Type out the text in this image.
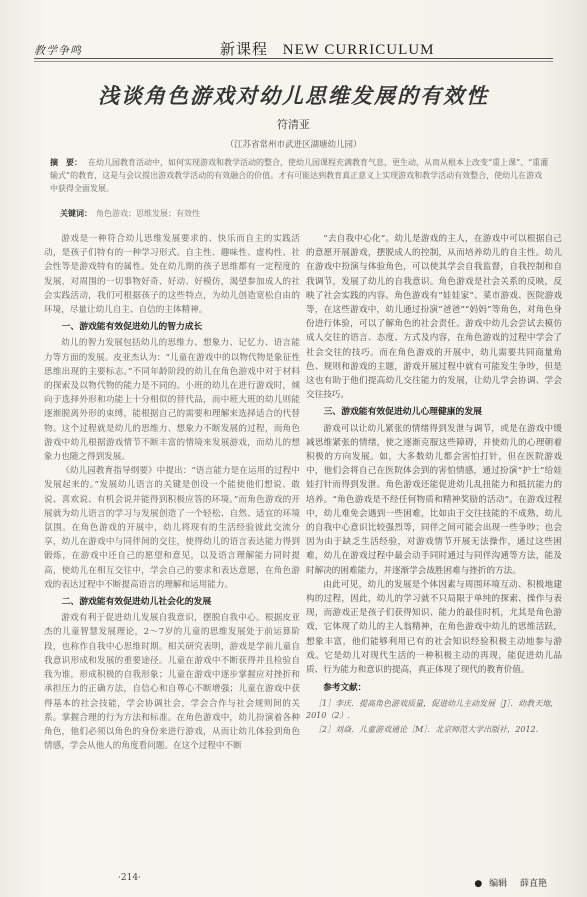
教学争鸣	新课程 NEW CURRICULUM
浅谈角色游戏对幼儿思维发展的有效性
符清亚
（江苏省常州市武进区湖塘幼儿园）
摘　要： 在幼儿园教育活动中，如何实现游戏和教学活动的整合，使幼儿园课程充满教育气息，更生动，从而从根本上改变“重上课”、“重灌输式”的教育，这是与会议提出游戏教学活动的有效融合的价值。才有可能达到教育真正意义上实现游戏和教学活动有效整合，使幼儿在游戏中获得全面发展。
关键词： 角色游戏；思维发展；有效性

游戏是一种符合幼儿思维发展要求的、快乐而自主的实践活动，是孩子们特有的一种学习形式。自主性、趣味性、虚构性、社会性等是游戏特有的属性。处在幼儿期的孩子思维都有一定程度的发展，对周围的一切事物好奇、好动、好模仿，渴望参加成人的社会实践活动，我们可根据孩子的这些特点，为幼儿创造宽松自由的环境，尽量让幼儿自主、自信的主体精神。

一、游戏能有效促进幼儿的智力成长

幼儿的智力发展包括幼儿的思维力、想象力、记忆力、语言能力等方面的发展。皮亚杰认为：“儿童在游戏中的以物代物是象征性思维出现的主要标志。”不同年龄阶段的幼儿在角色游戏中对于材料的探索及以物代物的能力是不同的。小班的幼儿在进行游戏时，倾向于选择外形和功能上十分相似的替代品，而中班大班的幼儿则能逐渐脱离外形的束缚，能根据自己的需要和理解来选择适合的代替物。这个过程就是幼儿的思维力、想象力不断发展的过程，而角色游戏中幼儿根据游戏情节不断丰富的情境来发展游戏，而幼儿的想象力也随之得到发展。

《幼儿园教育指导纲要》中提出：“语言能力是在运用的过程中发展起来的。”发展幼儿语言的关键是创设一个能使他们想说、敢说、喜欢说、有机会说并能得到积极应答的环境。”而角色游戏的开展就为幼儿语言的学习与发展创造了一个轻松、自然、适宜的环境氛围。在角色游戏的开展中，幼儿将现有的生活经验彼此交流分享，幼儿在游戏中与同伴间的交往，使得幼儿的语言表达能力得到锻炼，在游戏中还自己的愿望和意见，以及语言理解能力同时提高，使幼儿在相互交往中，学会自己的要求和表达意愿，在角色游戏的表达过程中不断提高语言的理解和运用能力。

二、游戏能有效促进幼儿社会化的发展

游戏有利于促进幼儿发展自我意识，摆脱自我中心。根据皮亚杰的儿童智慧发展理论，2～7岁的儿童的思维发展处于前运算阶段，也称作自我中心思维时期。相关研究表明，游戏是学前儿童自我意识形成和发展的重要途径。儿童在游戏中不断获得并且检验自我为谁，形成积极的自我形象；儿童在游戏中逐步掌握应对挫折和承担压力的正确方法，自信心和自尊心不断增强；儿童在游戏中获得基本的社会技能，学会协调社会，学会合作与社会规则间的关系。掌握合理的行为方法和标准。在角色游戏中，幼儿扮演着各种角色，他们必须以角色的身份来进行游戏，从而让幼儿体验到角色情感，学会从他人的角度看问题。在这个过程中不断

“去自我中心化”。幼儿是游戏的主人，在游戏中可以根据自己的意愿开展游戏，摆脱成人的控制，从而培养幼儿的自主性。幼儿在游戏中扮演与体验角色，可以使其学会自我监督，自我控制和自我调节，发展了幼儿的自我意识。角色游戏是社会关系的反映，反映了社会实践的内容。角色游戏有“娃娃家”、菜市游戏、医院游戏等，在这些游戏中，幼儿通过扮演“爸爸”“妈妈”等角色，对角色身份进行体验，可以了解角色的社会责任。游戏中幼儿会尝试去模仿成人交往的语言、态度、方式及内容，在角色游戏的过程中学会了社会交往的技巧。而在角色游戏的开展中，幼儿需要共同商量角色、规则和游戏的主题，游戏开展过程中就有可能发生争吵，但是这也有助于他们提高幼儿交往能力的发展，让幼儿学会协调、学会交往技巧。

三、游戏能有效促进幼儿心理健康的发展

游戏可以让幼儿紧张的情绪得到发泄与调节，或是在游戏中缓减思维紧张的情绪，使之逐渐克服这些障碍，并使幼儿的心理朝着积极的方向发展。如，大多数幼儿都会害怕打针，但在医院游戏中，他们会将自己在医院体会到的害怕情感，通过扮演“护士”给娃娃打针而得到发泄。角色游戏还能促进幼儿乱扭能力和抵抗能力的培养。“角色游戏是不经任何物质和精神奖励的活动”。在游戏过程中，幼儿难免会遇到一些困难，比如由于交往技能的不成熟，幼儿的自我中心意识比较强烈等，同伴之间可能会出现一些争吵；也会因为由于缺乏生活经验，对游戏情节开展无法操作，通过这些困难，幼儿在游戏过程中最会动手同时通过与同伴沟通等方法，能及时解决的困难能力，并逐渐学会战胜困难与挫折的方法。

由此可见，幼儿的发展是个体因素与周围环境互动、积极地建构的过程，因此，幼儿的学习就不只局限于单纯的探索、操作与表现，而游戏正是孩子们获得知识、能力的最佳时机，尤其是角色游戏，它体现了幼儿的主人翁精神，在角色游戏中幼儿的思维活跃，想象丰富，他们能够利用已有的社会知识经验积极主动地参与游戏。它是幼儿对现代生活的一种积极主动的再现，能促进幼儿品质、行为能力和意识的提高，真正体现了现代的教育价值。

参考文献：
［1］李庆．提高角色游戏质量，促进幼儿主动发展［J］．幼教天地，2010（2）.
［2］刘焱．儿童游戏通论［M］．北京师范大学出版社，2012.
·214·
● 编辑 薛直艳
